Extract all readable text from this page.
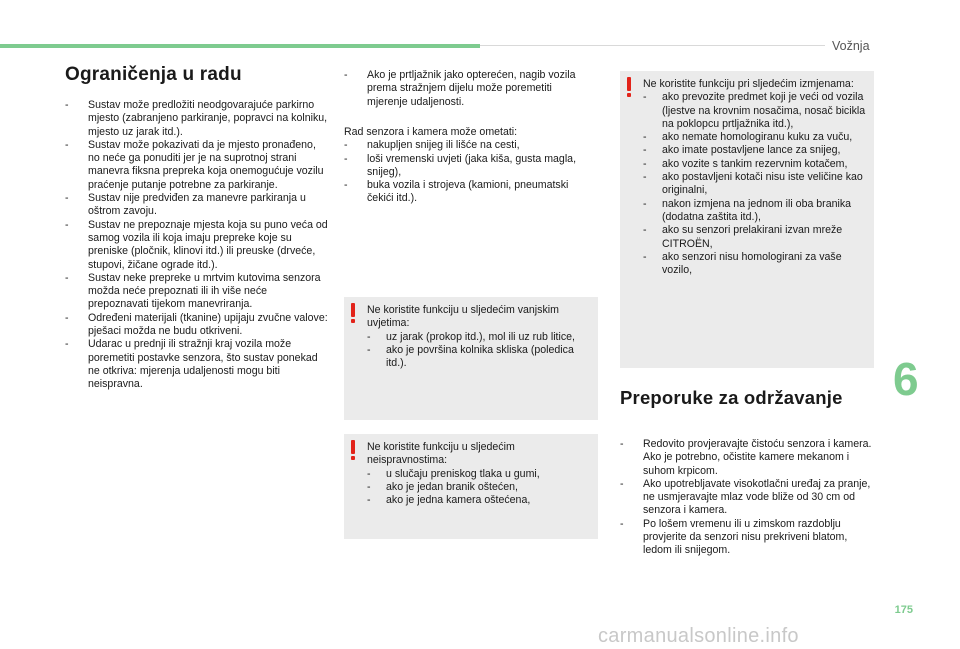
Vožnja
Ograničenja u radu
- Sustav može predložiti neodgovarajuće parkirno mjesto (zabranjeno parkiranje, popravci na kolniku, mjesto uz jarak itd.).
- Sustav može pokazivati da je mjesto pronađeno, no neće ga ponuditi jer je na suprotnoj strani manevra fiksna prepreka koja onemogućuje vozilu praćenje putanje potrebne za parkiranje.
- Sustav nije predviđen za manevre parkiranja u oštrom zavoju.
- Sustav ne prepoznaje mjesta koja su puno veća od samog vozila ili koja imaju prepreke koje su preniske (pločnik, klinovi itd.) ili preuske (drveće, stupovi, žičane ograde itd.).
- Sustav neke prepreke u mrtvim kutovima senzora možda neće prepoznati ili ih više neće prepoznavati tijekom manevriranja.
- Određeni materijali (tkanine) upijaju zvučne valove: pješaci možda ne budu otkriveni.
- Udarac u prednji ili stražnji kraj vozila može poremetiti postavke senzora, što sustav ponekad ne otkriva: mjerenja udaljenosti mogu biti neispravna.
- Ako je prtljažnik jako opterećen, nagib vozila prema stražnjem dijelu može poremetiti mjerenje udaljenosti.

Rad senzora i kamera može ometati:

- nakupljen snijeg ili lišće na cesti,
- loši vremenski uvjeti (jaka kiša, gusta magla, snijeg),
- buka vozila i strojeva (kamioni, pneumatski čekići itd.).

Ne koristite funkciju u sljedećim vanjskim uvjetima:

- uz jarak (prokop itd.), mol ili uz rub litice,
- ako je površina kolnika skliska (poledica itd.).

Ne koristite funkciju u sljedećim neispravnostima:

- u slučaju preniskog tlaka u gumi,
- ako je jedan branik oštećen,
- ako je jedna kamera oštećena,

Ne koristite funkciju pri sljedećim izmjenama:

- ako prevozite predmet koji je veći od vozila (ljestve na krovnim nosačima, nosač bicikla na poklopcu prtljažnika itd.),
- ako nemate homologiranu kuku za vuču,
- ako imate postavljene lance za snijeg,
- ako vozite s tankim rezervnim kotačem,
- ako postavljeni kotači nisu iste veličine kao originalni,
- nakon izmjena na jednom ili oba branika (dodatna zaštita itd.),
- ako su senzori prelakirani izvan mreže CITROËN,
- ako senzori nisu homologirani za vaše vozilo,
Preporuke za održavanje
- Redovito provjeravajte čistoću senzora i kamera.
Ako je potrebno, očistite kamere mekanom i suhom krpicom.
- Ako upotrebljavate visokotlačni uređaj za pranje, ne usmjeravajte mlaz vode bliže od 30 cm od senzora i kamera.
- Po lošem vremenu ili u zimskom razdoblju provjerite da senzori nisu prekriveni blatom, ledom ili snijegom.
6
175
carmanualsonline.info
